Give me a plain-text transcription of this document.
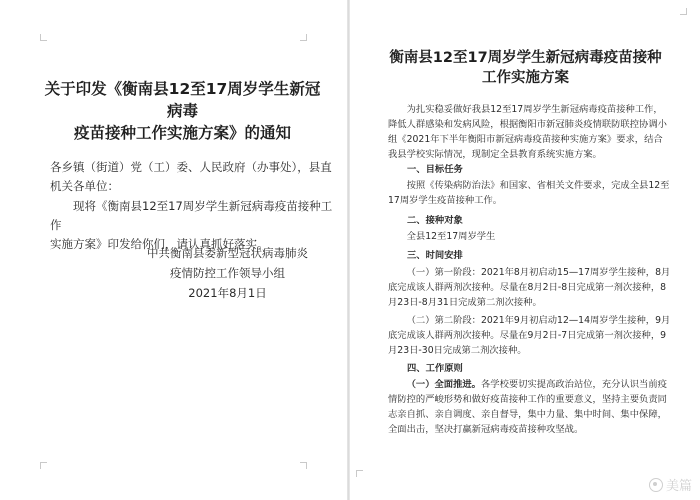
关于印发《衡南县12至17周岁学生新冠病毒
疫苗接种工作实施方案》的通知

各乡镇（街道）党（工）委、人民政府（办事处），县直
机关各单位：

现将《衡南县12至17周岁学生新冠病毒疫苗接种工作
实施方案》印发给你们，请认真抓好落实。

中共衡南县委新型冠状病毒肺炎
疫情防控工作领导小组
2021年8月1日

衡南县12至17周岁学生新冠病毒疫苗接种
工作实施方案

为扎实稳妥做好我县12至17周岁学生新冠病毒疫苗接种工作，降低人群感染和发病风险，根据衡阳市新冠肺炎疫情联防联控协调小组《2021年下半年衡阳市新冠病毒疫苗接种实施方案》要求，结合我县学校实际情况，现制定全县教育系统实施方案。

一、目标任务

按照《传染病防治法》和国家、省相关文件要求，完成全县12至17周岁学生疫苗接种工作。

二、接种对象

全县12至17周岁学生

三、时间安排

（一）第一阶段：2021年8月初启动15—17周岁学生接种，8月底完成该人群两剂次接种。尽量在8月2日-8日完成第一剂次接种，8月23日-8月31日完成第二剂次接种。

（二）第二阶段：2021年9月初启动12—14周岁学生接种，9月底完成该人群两剂次接种。尽量在9月2日-7日完成第一剂次接种，9月23日-30日完成第二剂次接种。

四、工作原则

（一）全面推进。各学校要切实提高政治站位，充分认识当前疫情防控的严峻形势和做好疫苗接种工作的重要意义，坚持主要负责同志亲自抓、亲自调度、亲自督导，集中力量、集中时间、集中保障，全面出击，坚决打赢新冠病毒疫苗接种攻坚战。

美篇
